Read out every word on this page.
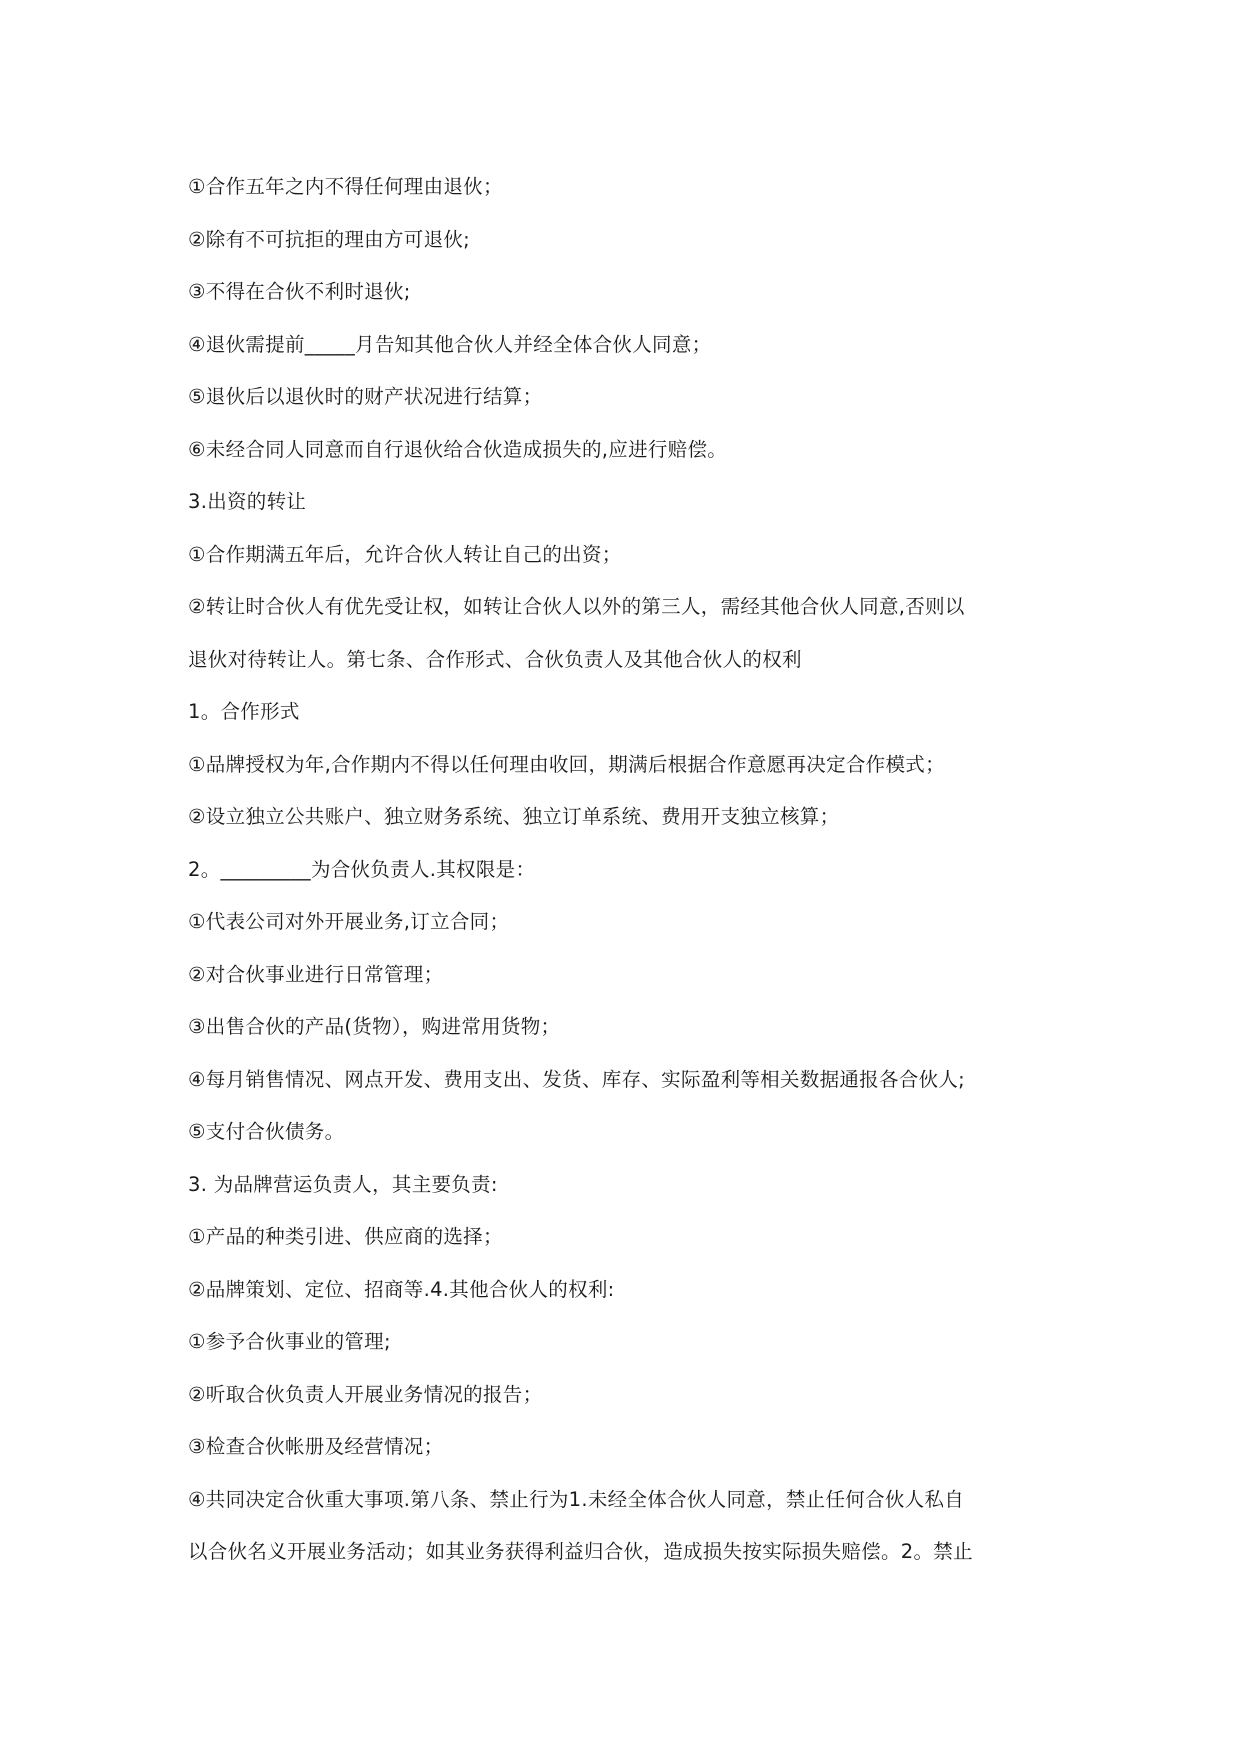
①合作五年之内不得任何理由退伙；
②除有不可抗拒的理由方可退伙;
③不得在合伙不利时退伙;
④退伙需提前_____月告知其他合伙人并经全体合伙人同意；
⑤退伙后以退伙时的财产状况进行结算；
⑥未经合同人同意而自行退伙给合伙造成损失的,应进行赔偿。
3.出资的转让
①合作期满五年后，允许合伙人转让自己的出资；
②转让时合伙人有优先受让权，如转让合伙人以外的第三人，需经其他合伙人同意,否则以
退伙对待转让人。第七条、合作形式、合伙负责人及其他合伙人的权利
1。合作形式
①品牌授权为年,合作期内不得以任何理由收回，期满后根据合作意愿再决定合作模式；
②设立独立公共账户、独立财务系统、独立订单系统、费用开支独立核算；
2。_________为合伙负责人.其权限是：
①代表公司对外开展业务,订立合同；
②对合伙事业进行日常管理；
③出售合伙的产品(货物），购进常用货物；
④每月销售情况、网点开发、费用支出、发货、库存、实际盈利等相关数据通报各合伙人;
⑤支付合伙债务。
3. 为品牌营运负责人，其主要负责:
①产品的种类引进、供应商的选择；
②品牌策划、定位、招商等.4.其他合伙人的权利:
①参予合伙事业的管理;
②听取合伙负责人开展业务情况的报告；
③检查合伙帐册及经营情况；
④共同决定合伙重大事项.第八条、禁止行为1.未经全体合伙人同意，禁止任何合伙人私自
以合伙名义开展业务活动；如其业务获得利益归合伙，造成损失按实际损失赔偿。2。禁止
